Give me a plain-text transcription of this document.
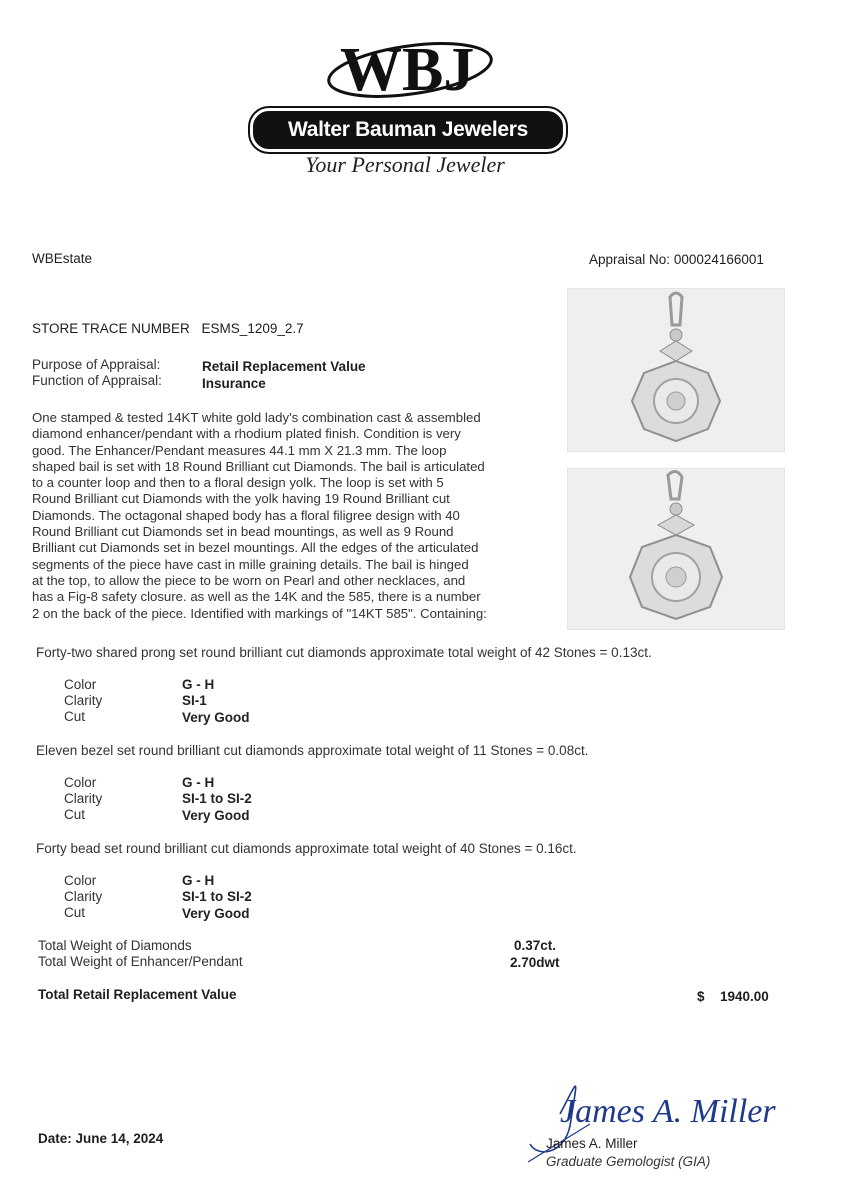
WBJ
Walter Bauman Jewelers
Your Personal Jeweler
WBEstate	Appraisal No: 000024166001
STORE TRACE NUMBER ESMS_1209_2.7
Purpose of Appraisal:	Retail Replacement Value
Function of Appraisal:	Insurance
One stamped & tested 14KT white gold lady's combination cast & assembled
diamond enhancer/pendant with a rhodium plated finish. Condition is very
good. The Enhancer/Pendant measures 44.1 mm X 21.3 mm. The loop
shaped bail is set with 18 Round Brilliant cut Diamonds. The bail is articulated
to a counter loop and then to a floral design yolk. The loop is set with 5
Round Brilliant cut Diamonds with the yolk having 19 Round Brilliant cut
Diamonds. The octagonal shaped body has a floral filigree design with 40
Round Brilliant cut Diamonds set in bead mountings, as well as 9 Round
Brilliant cut Diamonds set in bezel mountings. All the edges of the articulated
segments of the piece have cast in mille graining details. The bail is hinged
at the top, to allow the piece to be worn on Pearl and other necklaces, and
has a Fig-8 safety closure. as well as the 14K and the 585, there is a number
2 on the back of the piece. Identified with markings of "14KT 585". Containing:
Forty-two shared prong set round brilliant cut diamonds approximate total weight of 42 Stones = 0.13ct.
Color	G - H
Clarity	SI-1
Cut	Very Good
Eleven bezel set round brilliant cut diamonds approximate total weight of 11 Stones = 0.08ct.
Color	G - H
Clarity	SI-1 to SI-2
Cut	Very Good
Forty bead set round brilliant cut diamonds approximate total weight of 40 Stones = 0.16ct.
Color	G - H
Clarity	SI-1 to SI-2
Cut	Very Good
Total Weight of Diamonds	0.37ct.
Total Weight of Enhancer/Pendant	2.70dwt
Total Retail Replacement Value	$ 1940.00
Date: June 14, 2024
James A. Miller
James A. Miller
Graduate Gemologist (GIA)
